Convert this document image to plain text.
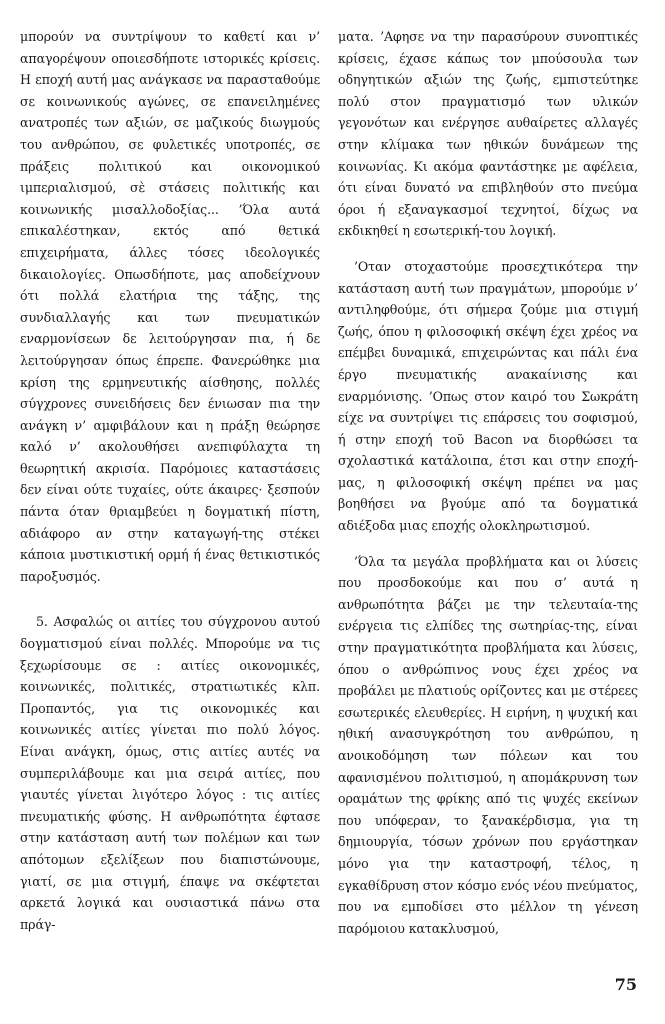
μπορούν να συντρίψουν το καθετί και ν’ απαγορέψουν οποιεσδήποτε ιστορικές κρίσεις. Η εποχή αυτή μας ανάγκασε να παρασταθούμε σε κοινωνικούς αγώνες, σε επανειλημένες ανατροπές των αξιών, σε μαζικούς διωγμούς του ανθρώπου, σε φυλετικές υποτροπές, σε πράξεις πολιτικού και οικονομικού ιμπεριαλισμού, σὲ στάσεις πολιτικής και κοινωνικής μισαλλοδοξίας... ’Όλα αυτά επικαλέστηκαν, εκτός από θετικά επιχειρήματα, άλλες τόσες ιδεολογικές δικαιολογίες. Οπωσδήποτε, μας αποδείχνουν ότι πολλά ελατήρια της τάξης, της συνδιαλλαγής και των πνευματικών εναρμονίσεων δε λειτούργησαν πια, ή δε λειτούργησαν όπως έπρεπε. Φανερώθηκε μια κρίση της ερμηνευτικής αίσθησης, πολλές σύγχρονες συνειδήσεις δεν ένιωσαν πια την ανάγκη ν’ αμφιβάλουν και η πράξη θεώρησε καλό ν’ ακολουθήσει ανεπιφύλαχτα τη θεωρητική ακρισία. Παρόμοιες καταστάσεις δεν είναι ούτε τυχαίες, ούτε άκαιρες· ξεσπούν πάντα όταν θριαμβεύει η δογματική πίστη, αδιάφορο αν στην καταγωγή-της στέκει κάποια μυστικιστική ορμή ή ένας θετικιστικός παροξυσμός.

5. Ασφαλώς οι αιτίες του σύγχρονου αυτού δογματισμού είναι πολλές. Μπορούμε να τις ξεχωρίσουμε σε : αιτίες οικονομικές, κοινωνικές, πολιτικές, στρατιωτικές κλπ. Προπαντός, για τις οικονομικές και κοινωνικές αιτίες γίνεται πιο πολύ λόγος. Είναι ανάγκη, όμως, στις αιτίες αυτές να συμπεριλάβουμε και μια σειρά αιτίες, που γιαυτές γίνεται λιγότερο λόγος : τις αιτίες πνευματικής φύσης. Η ανθρωπότητα έφτασε στην κατάσταση αυτή των πολέμων και των απότομων εξελίξεων που διαπιστώνουμε, γιατί, σε μια στιγμή, έπαψε να σκέφτεται αρκετά λογικά και ουσιαστικά πάνω στα πράγ-

ματα. ’Αφησε να την παρασύρουν συνοπτικές κρίσεις, έχασε κάπως τον μπούσουλα των οδηγητικών αξιών της ζωής, εμπιστεύτηκε πολύ στον πραγματισμό των υλικών γεγονότων και ενέργησε αυθαίρετες αλλαγές στην κλίμακα των ηθικών δυνάμεων της κοινωνίας. Κι ακόμα φαντάστηκε με αφέλεια, ότι είναι δυνατό να επιβληθούν στο πνεύμα όροι ή εξαναγκασμοί τεχνητοί, δίχως να εκδικηθεί η εσωτερική-του λογική.

’Οταν στοχαστούμε προσεχτικότερα την κατάσταση αυτή των πραγμάτων, μπορούμε ν’ αντιληφθούμε, ότι σήμερα ζούμε μια στιγμή ζωής, όπου η φιλοσοφική σκέψη έχει χρέος να επέμβει δυναμικά, επιχειρώντας και πάλι ένα έργο πνευματικής ανακαίνισης και εναρμόνισης. ’Οπως στον καιρό του Σωκράτη είχε να συντρίψει τις επάρσεις του σοφισμού, ή στην εποχή τοῦ Bacon να διορθώσει τα σχολαστικά κατάλοιπα, έτσι και στην εποχή-μας, η φιλοσοφική σκέψη πρέπει να μας βοηθήσει να βγούμε από τα δογματικά αδιέξοδα μιας εποχής ολοκληρωτισμού.

’Όλα τα μεγάλα προβλήματα και οι λύσεις που προσδοκούμε και που σ’ αυτά η ανθρωπότητα βάζει με την τελευταία-της ενέργεια τις ελπίδες της σωτηρίας-της, είναι στην πραγματικότητα προβλήματα και λύσεις, όπου ο ανθρώπινος νους έχει χρέος να προβάλει με πλατιούς ορίζοντες και με στέρεες εσωτερικές ελευθερίες. Η ειρήνη, η ψυχική και ηθική ανασυγκρότηση του ανθρώπου, η ανοικοδόμηση των πόλεων και του αφανισμένου πολιτισμού, η απομάκρυνση των οραμάτων της φρίκης από τις ψυχές εκείνων που υπόφεραν, το ξανακέρδισμα, για τη δημιουργία, τόσων χρόνων που εργάστηκαν μόνο για την καταστροφή, τέλος, η εγκαθίδρυση στον κόσμο ενός νέου πνεύματος, που να εμποδίσει στο μέλλον τη γένεση παρόμοιου κατακλυσμού,

75
